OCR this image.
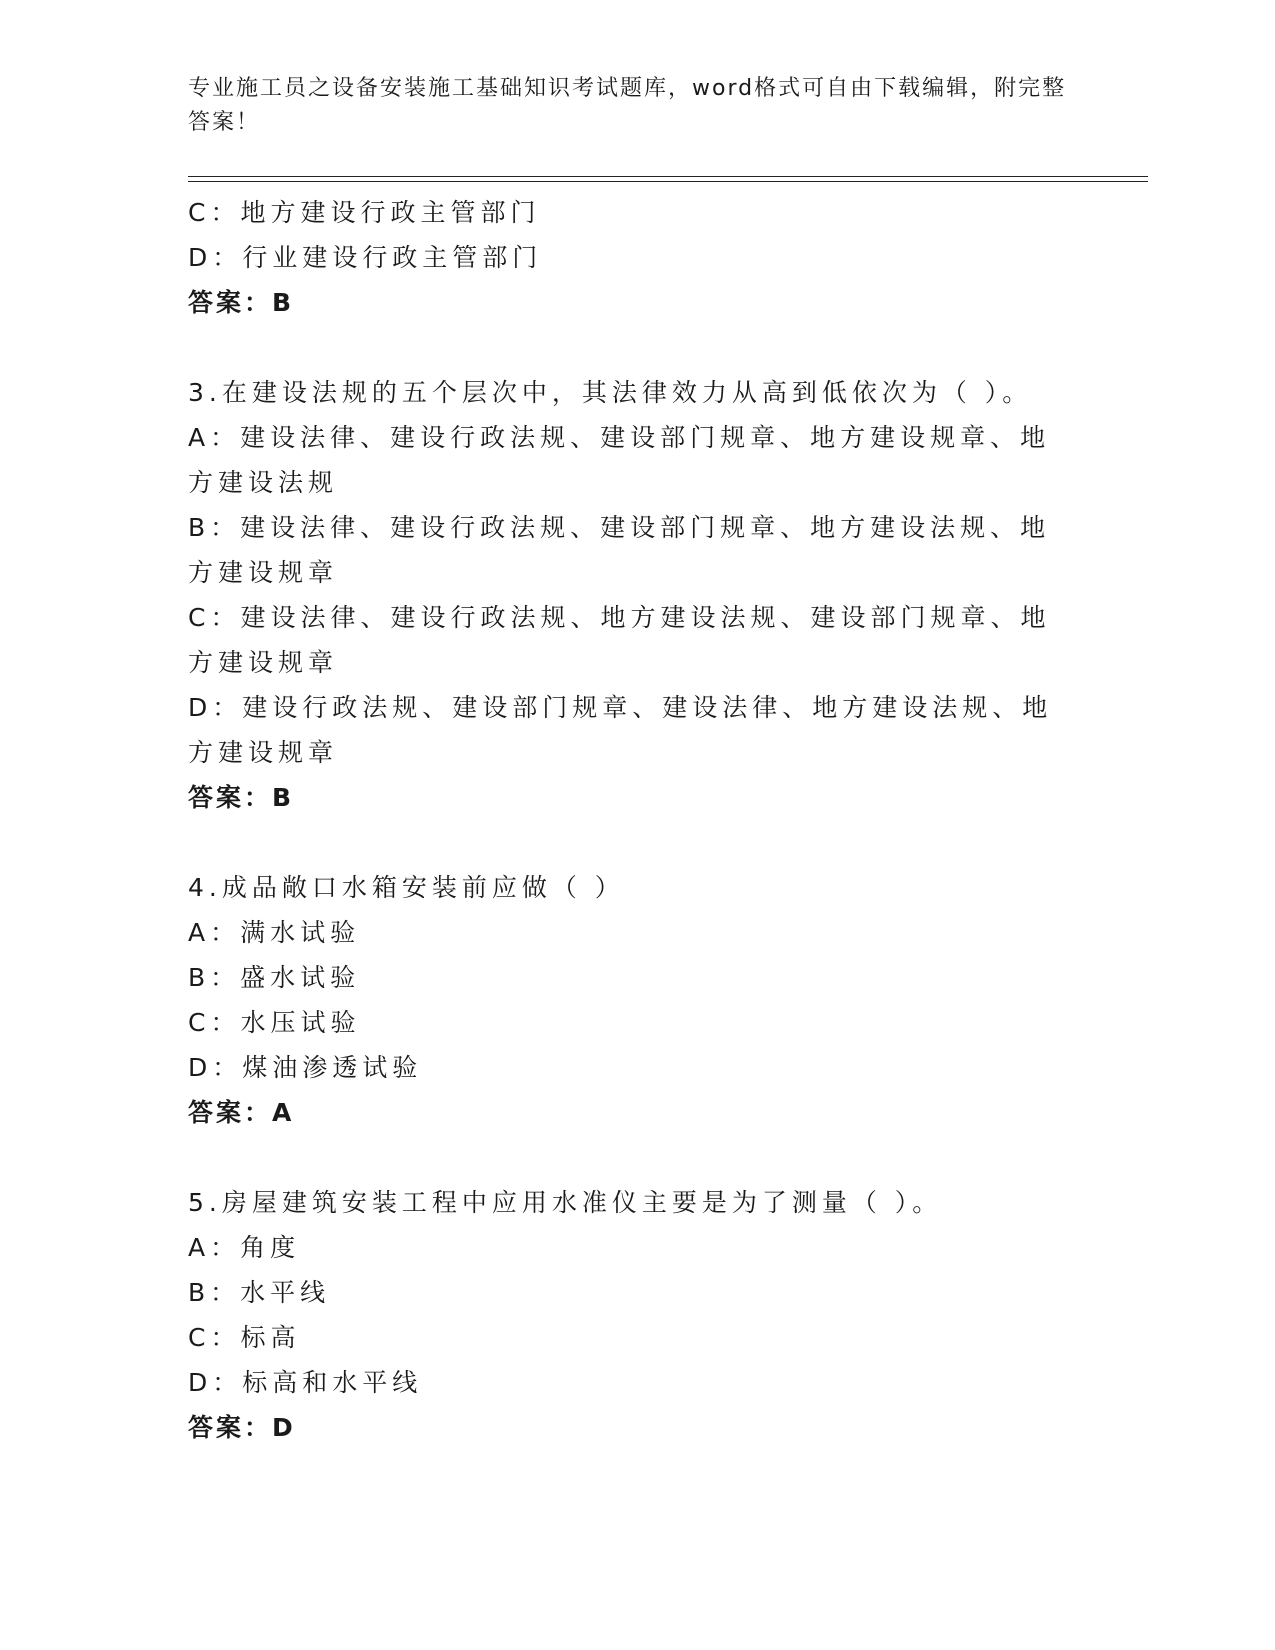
专业施工员之设备安装施工基础知识考试题库，word格式可自由下载编辑，附完整答案！

C：地方建设行政主管部门

D：行业建设行政主管部门

答案：B

3.在建设法规的五个层次中，其法律效力从高到低依次为（ ）。

A：建设法律、建设行政法规、建设部门规章、地方建设规章、地方建设法规

B：建设法律、建设行政法规、建设部门规章、地方建设法规、地方建设规章

C：建设法律、建设行政法规、地方建设法规、建设部门规章、地方建设规章

D：建设行政法规、建设部门规章、建设法律、地方建设法规、地方建设规章

答案：B

4.成品敞口水箱安装前应做（ ）

A：满水试验

B：盛水试验

C：水压试验

D：煤油渗透试验

答案：A

5.房屋建筑安装工程中应用水准仪主要是为了测量（ ）。

A：角度

B：水平线

C：标高

D：标高和水平线

答案：D
